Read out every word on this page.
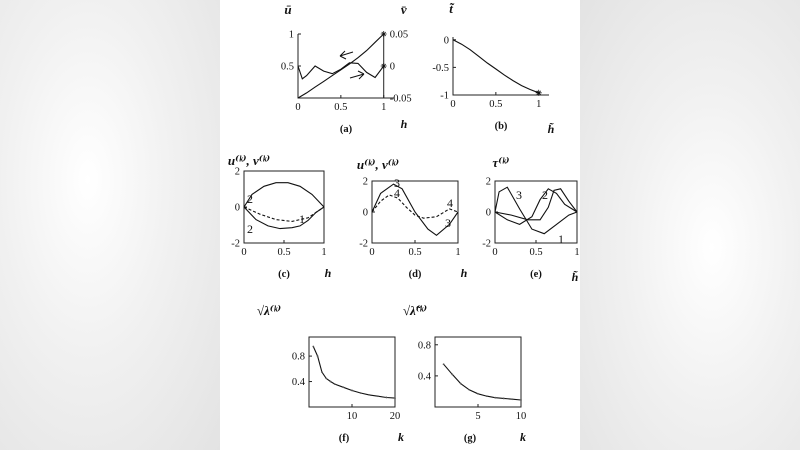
0	0.5	1
0.5
1	0.05
0
-0.05
(a)	h
ū	v̄
0	0.5	1
0
-0.5
-1
(b)	h̃
t̃
0	0.5	1
2
0
-2
(c)	h
u⁽ᵏ⁾, v⁽ᵏ⁾
2
1
2
0	0.5	1
2
0
-2
(d)	h
u⁽ᵏ⁾, v⁽ᵏ⁾
4
3
4
3
0	0.5	1
2
0
-2
(e) h̃
τ⁽ᵏ⁾
3 2
1
10	20
0.8
0.4
(f)	k
√λ⁽ᵏ⁾
5	10
0.8
0.4
(g)	k
√λ̃⁽ᵏ⁾
